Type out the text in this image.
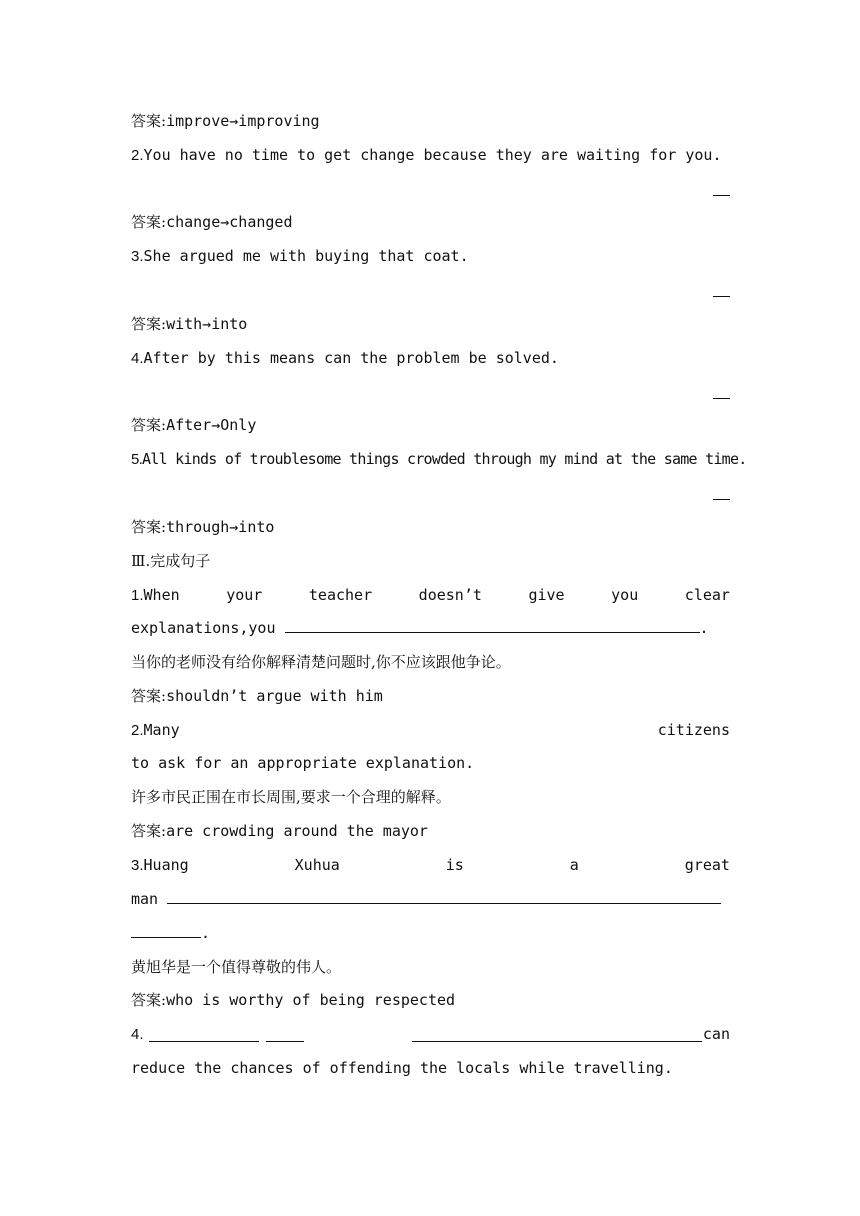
答案:improve→improving
2.You have no time to get change because they are waiting for you.
答案:change→changed
3.She argued me with buying that coat.
答案:with→into
4.After by this means can the problem be solved.
答案:After→Only
5.All kinds of troublesome things crowded through my mind at the same time.
答案:through→into
Ⅲ.完成句子
1.When	your	teacher	doesn’t	give	you	clear
explanations,you	.
当你的老师没有给你解释清楚问题时,你不应该跟他争论。
答案:shouldn’t argue with him
2.Many	citizens
to ask for an appropriate explanation.
许多市民正围在市长周围,要求一个合理的解释。
答案:are crowding around the mayor
3.Huang	Xuhua	is	a	great
man
.
黄旭华是一个值得尊敬的伟人。
答案:who is worthy of being respected
4.	can
reduce the chances of offending the locals while travelling.
